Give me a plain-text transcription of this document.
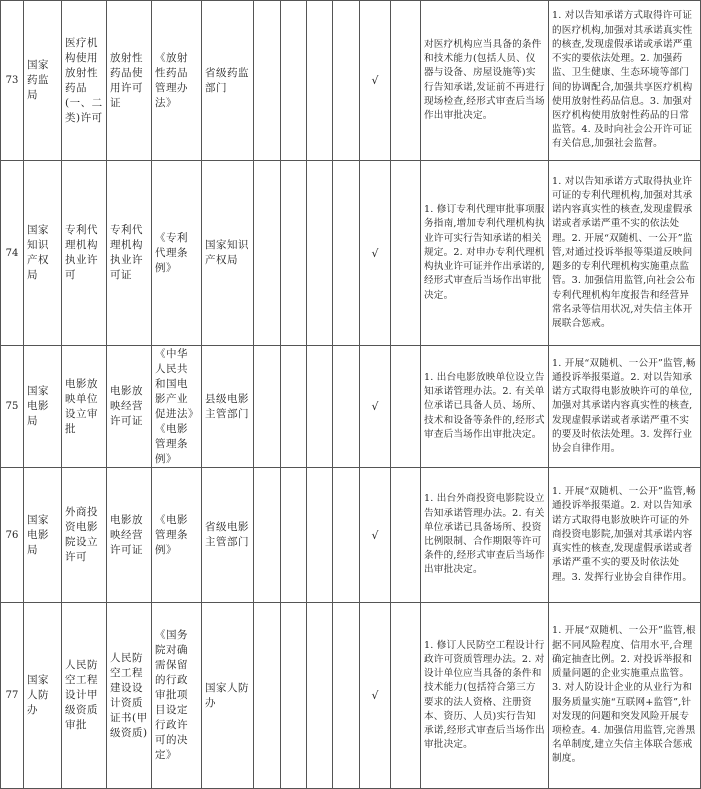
73	国家药监局	医疗机构使用放射性药品(一、二类)许可	放射性药品使用许可证	《放射性药品管理办法》	省级药监部门					√		对医疗机构应当具备的条件和技术能力(包括人员、仪器与设备、房屋设施等)实行告知承诺,发证前不再进行现场检查,经形式审查后当场作出审批决定。	1. 对以告知承诺方式取得许可证的医疗机构,加强对其承诺真实性的核查,发现虚假承诺或承诺严重不实的要依法处理。2. 加强药监、卫生健康、生态环境等部门间的协调配合,加强共享医疗机构使用放射性药品信息。3. 加强对医疗机构使用放射性药品的日常监管。4. 及时向社会公开许可证有关信息,加强社会监督。
74	国家知识产权局	专利代理机构执业许可	专利代理机构执业许可证	《专利代理条例》	国家知识产权局					√		1. 修订专利代理审批事项服务指南,增加专利代理机构执业许可实行告知承诺的相关规定。2. 对申办专利代理机构执业许可证并作出承诺的,经形式审查后当场作出审批决定。	1. 对以告知承诺方式取得执业许可证的专利代理机构,加强对其承诺内容真实性的核查,发现虚假承诺或者承诺严重不实的依法处理。2. 开展“双随机、一公开”监管,对通过投诉举报等渠道反映问题多的专利代理机构实施重点监管。3. 加强信用监管,向社会公布专利代理机构年度报告和经营异常名录等信用状况,对失信主体开展联合惩戒。
75	国家电影局	电影放映单位设立审批	电影放映经营许可证	《中华人民共和国电影产业促进法》《电影管理条例》	县级电影主管部门					√		1. 出台电影放映单位设立告知承诺管理办法。2. 有关单位承诺已具备人员、场所、技术和设备等条件的,经形式审查后当场作出审批决定。	1. 开展“双随机、一公开”监管,畅通投诉举报渠道。2. 对以告知承诺方式取得电影放映许可的单位,加强对其承诺内容真实性的核查,发现虚假承诺或者承诺严重不实的要及时依法处理。3. 发挥行业协会自律作用。
76	国家电影局	外商投资电影院设立许可	电影放映经营许可证	《电影管理条例》	省级电影主管部门					√		1. 出台外商投资电影院设立告知承诺管理办法。2. 有关单位承诺已具备场所、投资比例限制、合作期限等许可条件的,经形式审查后当场作出审批决定。	1. 开展“双随机、一公开”监管,畅通投诉举报渠道。2. 对以告知承诺方式取得电影放映许可证的外商投资电影院,加强对其承诺内容真实性的核查,发现虚假承诺或者承诺严重不实的要及时依法处理。3. 发挥行业协会自律作用。
77	国家人防办	人民防空工程设计甲级资质审批	人民防空工程建设设计资质证书(甲级资质)	《国务院对确需保留的行政审批项目设定行政许可的决定》	国家人防办					√		1. 修订人民防空工程设计行政许可资质管理办法。2. 对设计单位应当具备的条件和技术能力(包括符合第三方要求的法人资格、注册资本、资历、人员)实行告知承诺,经形式审查后当场作出审批决定。	1. 开展“双随机、一公开”监管,根据不同风险程度、信用水平,合理确定抽查比例。2. 对投诉举报和质量问题的企业实施重点监管。3. 对人防设计企业的从业行为和服务质量实施“互联网+监管”,针对发现的问题和突发风险开展专项检查。4. 加强信用监管,完善黑名单制度,建立失信主体联合惩戒制度。
